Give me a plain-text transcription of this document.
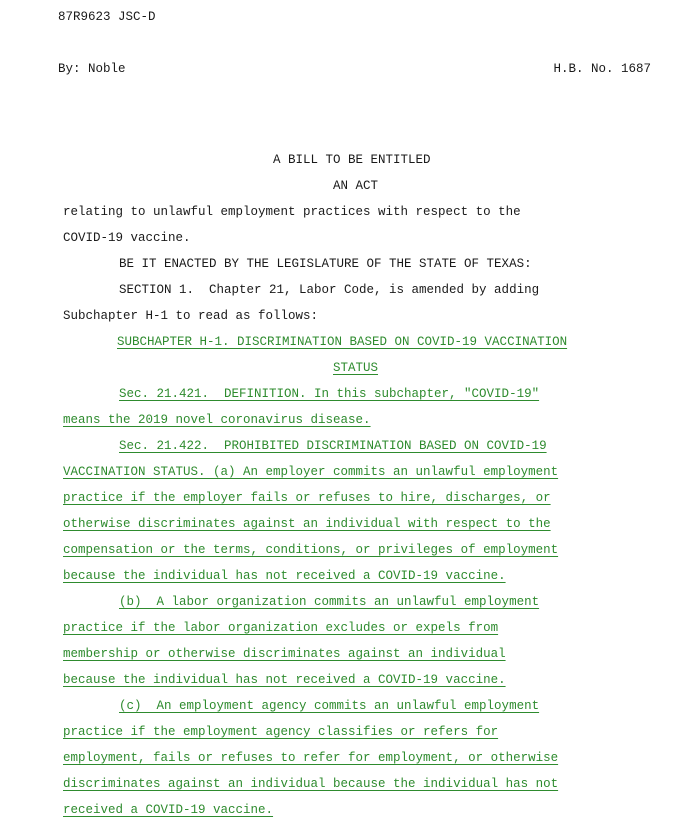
87R9623 JSC-D
By: Noble	H.B. No. 1687
A BILL TO BE ENTITLED
AN ACT
relating to unlawful employment practices with respect to the
COVID-19 vaccine.
BE IT ENACTED BY THE LEGISLATURE OF THE STATE OF TEXAS:
SECTION 1.  Chapter 21, Labor Code, is amended by adding
Subchapter H-1 to read as follows:
SUBCHAPTER H-1. DISCRIMINATION BASED ON COVID-19 VACCINATION
STATUS
Sec. 21.421.  DEFINITION. In this subchapter, "COVID-19"
means the 2019 novel coronavirus disease.
Sec. 21.422.  PROHIBITED DISCRIMINATION BASED ON COVID-19
VACCINATION STATUS. (a) An employer commits an unlawful employment
practice if the employer fails or refuses to hire, discharges, or
otherwise discriminates against an individual with respect to the
compensation or the terms, conditions, or privileges of employment
because the individual has not received a COVID-19 vaccine.
(b)  A labor organization commits an unlawful employment
practice if the labor organization excludes or expels from
membership or otherwise discriminates against an individual
because the individual has not received a COVID-19 vaccine.
(c)  An employment agency commits an unlawful employment
practice if the employment agency classifies or refers for
employment, fails or refuses to refer for employment, or otherwise
discriminates against an individual because the individual has not
received a COVID-19 vaccine.
